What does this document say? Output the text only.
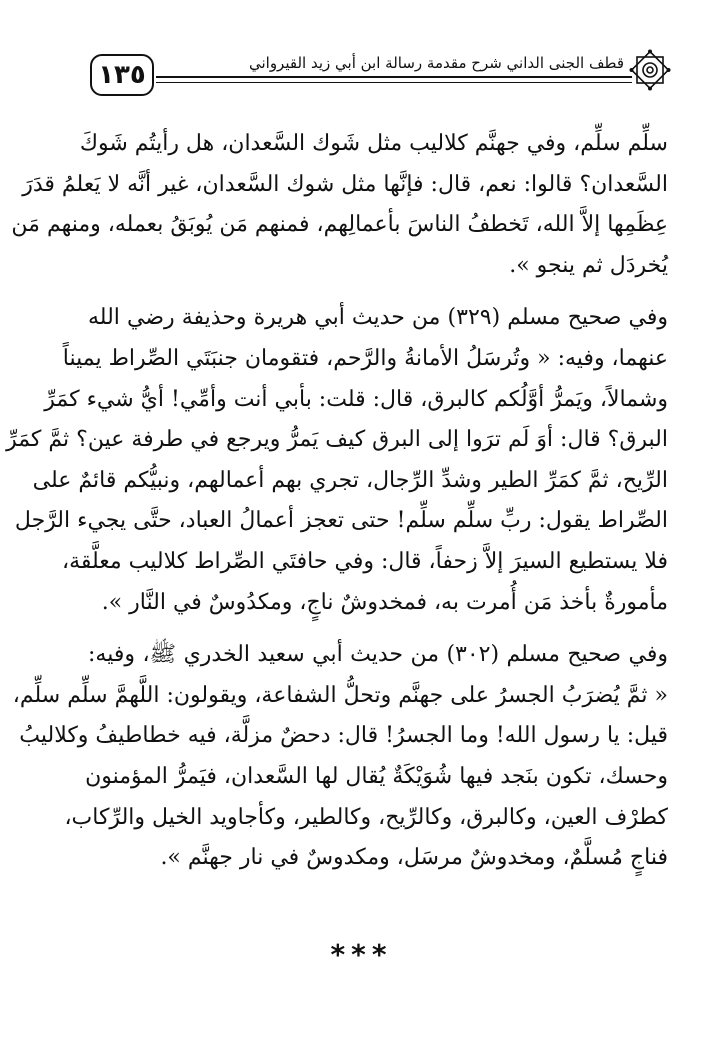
١٣٥	قطف الجنى الداني شرح مقدمة رسالة ابن أبي زيد القيرواني

سلِّم سلِّم، وفي جهنَّم كلاليب مثل شَوك السَّعدان، هل رأيتُم شَوكَ
السَّعدان؟ قالوا: نعم، قال: فإنَّها مثل شوك السَّعدان، غير أنَّه لا يَعلمُ قدَرَ
عِظَمِها إلاَّ الله، تَخطفُ الناسَ بأعمالِهم، فمنهم مَن يُوبَقُ بعمله، ومنهم مَن
يُخردَل ثم ينجو ».

وفي صحيح مسلم (٣٢٩) من حديث أبي هريرة وحذيفة رضي الله
عنهما، وفيه: « وتُرسَلُ الأمانةُ والرَّحم، فتقومان جنبَتَي الصِّراط يميناً
وشمالاً، ويَمرُّ أوَّلُكم كالبرق، قال: قلت: بأبي أنت وأمِّي! أيُّ شيء كمَرِّ
البرق؟ قال: أوَ لَم ترَوا إلى البرق كيف يَمرُّ ويرجع في طرفة عين؟ ثمَّ كمَرِّ
الرِّيح، ثمَّ كمَرِّ الطير وشدِّ الرِّجال، تجري بهم أعمالهم، ونبيُّكم قائمٌ على
الصِّراط يقول: ربِّ سلِّم سلِّم! حتى تعجز أعمالُ العباد، حتَّى يجيء الرَّجل
فلا يستطيع السيرَ إلاَّ زحفاً، قال: وفي حافتَي الصِّراط كلاليب معلَّقة،
مأمورةٌ بأخذ مَن أُمرت به، فمخدوشٌ ناجٍ، ومكدُوسٌ في النَّار ».

وفي صحيح مسلم (٣٠٢) من حديث أبي سعيد الخدري ﷺ، وفيه:
« ثمَّ يُضرَبُ الجسرُ على جهنَّم وتحلُّ الشفاعة، ويقولون: اللَّهمَّ سلِّم سلِّم،
قيل: يا رسول الله! وما الجسرُ! قال: دحضٌ مزلَّة، فيه خطاطيفُ وكلاليبُ
وحسك، تكون بنَجد فيها شُوَيْكَةٌ يُقال لها السَّعدان، فيَمرُّ المؤمنون
كطرْف العين، وكالبرق، وكالرِّيح، وكالطير، وكأجاويد الخيل والرِّكاب،
فناجٍ مُسلَّمٌ، ومخدوشٌ مرسَل، ومكدوسٌ في نار جهنَّم ».

***
